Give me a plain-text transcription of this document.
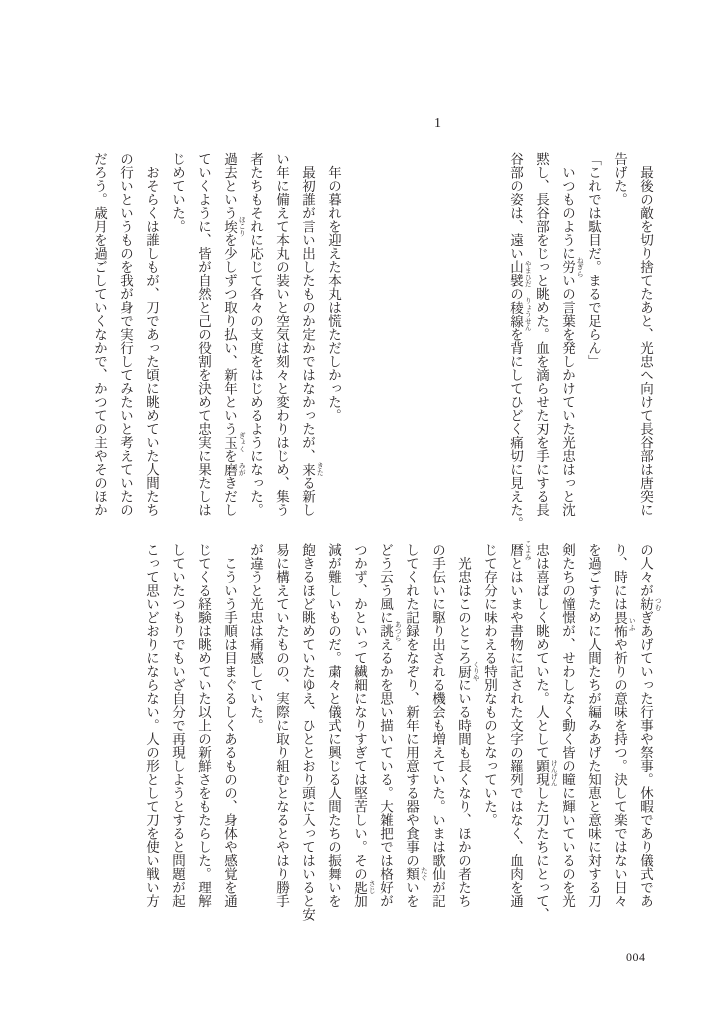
　最後の敵を切り捨てたあと、光忠へ向けて長谷部は唐突に
告げた。
「これでは駄目だ。まるで足らん」
　いつものように労 ねぎら
いの言葉を発しかけていた光忠はっと沈
黙し、長谷部をじっと眺めた。血を滴らせた刃を手にする長
谷部の姿は、遠い山襞 やまひだ
の稜線 りょうせん
を背にしてひどく痛切に見えた。
1
　年の暮れを迎えた本丸は慌ただしかった。
　最初誰が言い出したものか定かではなかったが、来 きた
る新し
い年に備えて本丸の装いと空気は刻々と変わりはじめ、集う
者たちもそれに応じて各々の支度をはじめるようになった。
過去という埃 ほこり
を少しずつ取り払い、新年という玉 ぎょく
を磨 みが
きだし
ていくように、皆が自然と己の役割を決めて忠実に果たしは
じめていた。
　おそらくは誰しもが、刀であった頃に眺めていた人間たち
の行いというものを我が身で実行してみたいと考えていたの
だろう。歳月を過ごしていくなかで、かつての主やそのほか
の人々が紡 つむ
ぎあげていった行事や祭事。休暇であり儀式であ
り、時には畏怖 いふ
や祈りの意味を持つ。決して楽ではない日々
を過ごすために人間たちが編みあげた知恵と意味に対する刀
剣たちの憧憬が、せわしなく動く皆の瞳に輝いているのを光
忠は喜ばしく眺めていた。人として顕現 けんげん
した刀たちにとって、
暦 こよみ
とはいまや書物に記された文字の羅列ではなく、血肉を通
じて存分に味わえる特別なものとなっていた。
　光忠はこのところ厨 くりや
にいる時間も長くなり、ほかの者たち
の手伝いに駆り出される機会も増えていた。いまは歌仙が記
してくれた記録をなぞり、新年に用意する器や食事の類 たぐ
いを
どう云う風に誂 あつら
えるかを思い描いている。大雑把では格好が
つかず、かといって繊細になりすぎては堅苦しい。その匙 さじ
加
減が難しいものだ。粛々と儀式に興じる人間たちの振舞いを
飽きるほど眺めていたゆえ、ひととおり頭に入ってはいると安
易に構えていたものの、実際に取り組むとなるとやはり勝手
が違うと光忠は痛感していた。
　こういう手順は目まぐるしくあるものの、身体や感覚を通
じてくる経験は眺めていた以上の新鮮さをもたらした。理解
していたつもりでもいざ自分で再現しようとすると問題が起
こって思いどおりにならない。人の形として刀を使い戦い方
004
